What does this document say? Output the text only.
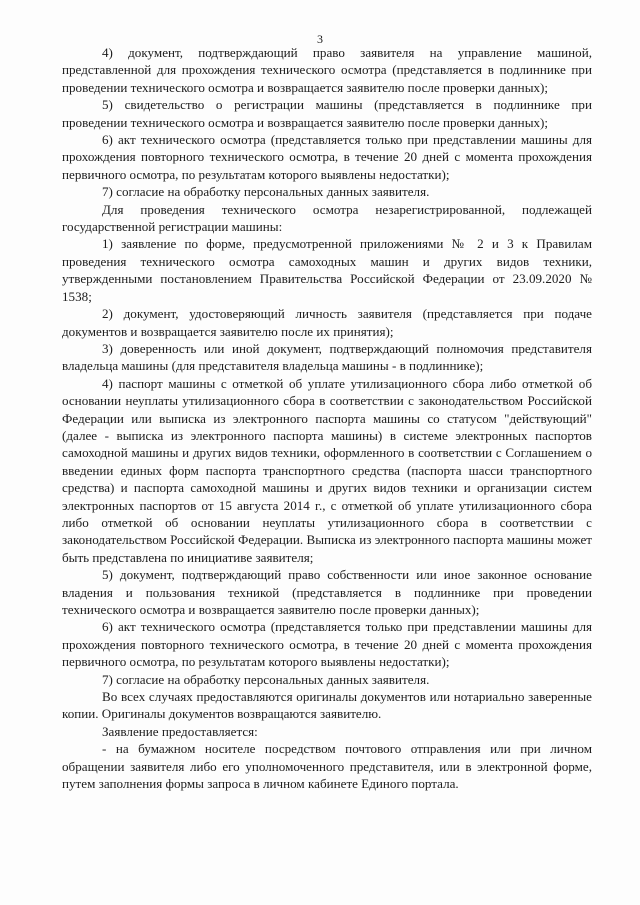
3

4) документ, подтверждающий право заявителя на управление машиной, представленной для прохождения технического осмотра (представляется в подлиннике при проведении технического осмотра и возвращается заявителю после проверки данных);

5) свидетельство о регистрации машины (представляется в подлиннике при проведении технического осмотра и возвращается заявителю после проверки данных);

6) акт технического осмотра (представляется только при представлении машины для прохождения повторного технического осмотра, в течение 20 дней с момента прохождения первичного осмотра, по результатам которого выявлены недостатки);

7) согласие на обработку персональных данных заявителя.

Для проведения технического осмотра незарегистрированной, подлежащей государственной регистрации машины:

1) заявление по форме, предусмотренной приложениями № 2 и 3 к Правилам проведения технического осмотра самоходных машин и других видов техники, утвержденными постановлением Правительства Российской Федерации от 23.09.2020 № 1538;

2) документ, удостоверяющий личность заявителя (представляется при подаче документов и возвращается заявителю после их принятия);

3) доверенность или иной документ, подтверждающий полномочия представителя владельца машины (для представителя владельца машины - в подлиннике);

4) паспорт машины с отметкой об уплате утилизационного сбора либо отметкой об основании неуплаты утилизационного сбора в соответствии с законодательством Российской Федерации или выписка из электронного паспорта машины со статусом "действующий" (далее - выписка из электронного паспорта машины) в системе электронных паспортов самоходной машины и других видов техники, оформленного в соответствии с Соглашением о введении единых форм паспорта транспортного средства (паспорта шасси транспортного средства) и паспорта самоходной машины и других видов техники и организации систем электронных паспортов от 15 августа 2014 г., с отметкой об уплате утилизационного сбора либо отметкой об основании неуплаты утилизационного сбора в соответствии с законодательством Российской Федерации. Выписка из электронного паспорта машины может быть представлена по инициативе заявителя;

5) документ, подтверждающий право собственности или иное законное основание владения и пользования техникой (представляется в подлиннике при проведении технического осмотра и возвращается заявителю после проверки данных);

6) акт технического осмотра (представляется только при представлении машины для прохождения повторного технического осмотра, в течение 20 дней с момента прохождения первичного осмотра, по результатам которого выявлены недостатки);

7) согласие на обработку персональных данных заявителя.

Во всех случаях предоставляются оригиналы документов или нотариально заверенные копии. Оригиналы документов возвращаются заявителю.

Заявление предоставляется:

- на бумажном носителе посредством почтового отправления или при личном обращении заявителя либо его уполномоченного представителя, или в электронной форме, путем заполнения формы запроса в личном кабинете Единого портала.
